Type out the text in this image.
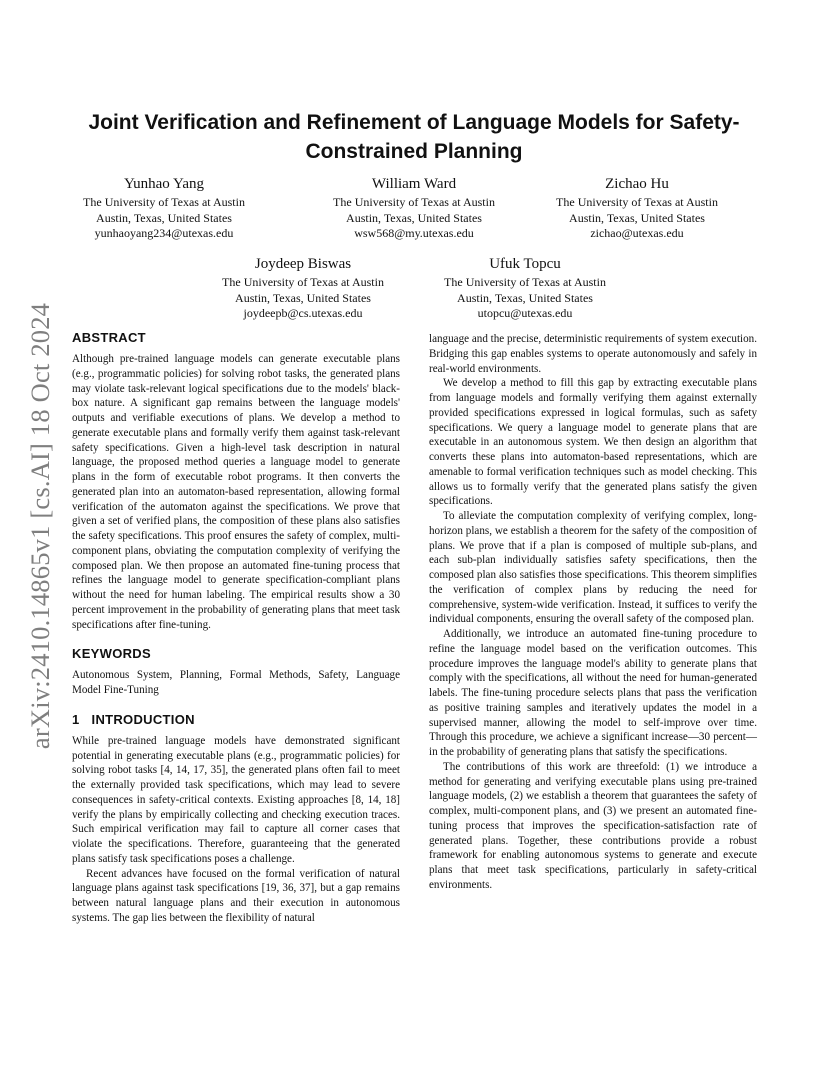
arXiv:2410.14865v1 [cs.AI] 18 Oct 2024
Joint Verification and Refinement of Language Models for Safety-Constrained Planning
Yunhao Yang
The University of Texas at Austin
Austin, Texas, United States
yunhaoyang234@utexas.edu
William Ward
The University of Texas at Austin
Austin, Texas, United States
wsw568@my.utexas.edu
Zichao Hu
The University of Texas at Austin
Austin, Texas, United States
zichao@utexas.edu
Joydeep Biswas
The University of Texas at Austin
Austin, Texas, United States
joydeepb@cs.utexas.edu
Ufuk Topcu
The University of Texas at Austin
Austin, Texas, United States
utopcu@utexas.edu
ABSTRACT

Although pre-trained language models can generate executable plans (e.g., programmatic policies) for solving robot tasks, the generated plans may violate task-relevant logical specifications due to the models' black-box nature. A significant gap remains between the language models' outputs and verifiable executions of plans. We develop a method to generate executable plans and formally verify them against task-relevant safety specifications. Given a high-level task description in natural language, the proposed method queries a language model to generate plans in the form of executable robot programs. It then converts the generated plan into an automaton-based representation, allowing formal verification of the automaton against the specifications. We prove that given a set of verified plans, the composition of these plans also satisfies the safety specifications. This proof ensures the safety of complex, multi-component plans, obviating the computation complexity of verifying the composed plan. We then propose an automated fine-tuning process that refines the language model to generate specification-compliant plans without the need for human labeling. The empirical results show a 30 percent improvement in the probability of generating plans that meet task specifications after fine-tuning.

KEYWORDS

Autonomous System, Planning, Formal Methods, Safety, Language Model Fine-Tuning

1 INTRODUCTION

While pre-trained language models have demonstrated significant potential in generating executable plans (e.g., programmatic policies) for solving robot tasks [4, 14, 17, 35], the generated plans often fail to meet the externally provided task specifications, which may lead to severe consequences in safety-critical contexts. Existing approaches [8, 14, 18] verify the plans by empirically collecting and checking execution traces. Such empirical verification may fail to capture all corner cases that violate the specifications. Therefore, guaranteeing that the generated plans satisfy task specifications poses a challenge.

Recent advances have focused on the formal verification of natural language plans against task specifications [19, 36, 37], but a gap remains between natural language plans and their execution in autonomous systems. The gap lies between the flexibility of natural

language and the precise, deterministic requirements of system execution. Bridging this gap enables systems to operate autonomously and safely in real-world environments.

We develop a method to fill this gap by extracting executable plans from language models and formally verifying them against externally provided specifications expressed in logical formulas, such as safety specifications. We query a language model to generate plans that are executable in an autonomous system. We then design an algorithm that converts these plans into automaton-based representations, which are amenable to formal verification techniques such as model checking. This allows us to formally verify that the generated plans satisfy the given specifications.

To alleviate the computation complexity of verifying complex, long-horizon plans, we establish a theorem for the safety of the composition of plans. We prove that if a plan is composed of multiple sub-plans, and each sub-plan individually satisfies safety specifications, then the composed plan also satisfies those specifications. This theorem simplifies the verification of complex plans by reducing the need for comprehensive, system-wide verification. Instead, it suffices to verify the individual components, ensuring the overall safety of the composed plan.

Additionally, we introduce an automated fine-tuning procedure to refine the language model based on the verification outcomes. This procedure improves the language model's ability to generate plans that comply with the specifications, all without the need for human-generated labels. The fine-tuning procedure selects plans that pass the verification as positive training samples and iteratively updates the model in a supervised manner, allowing the model to self-improve over time. Through this procedure, we achieve a significant increase—30 percent—in the probability of generating plans that satisfy the specifications.

The contributions of this work are threefold: (1) we introduce a method for generating and verifying executable plans using pre-trained language models, (2) we establish a theorem that guarantees the safety of complex, multi-component plans, and (3) we present an automated fine-tuning process that improves the specification-satisfaction rate of generated plans. Together, these contributions provide a robust framework for enabling autonomous systems to generate and execute plans that meet task specifications, particularly in safety-critical environments.
